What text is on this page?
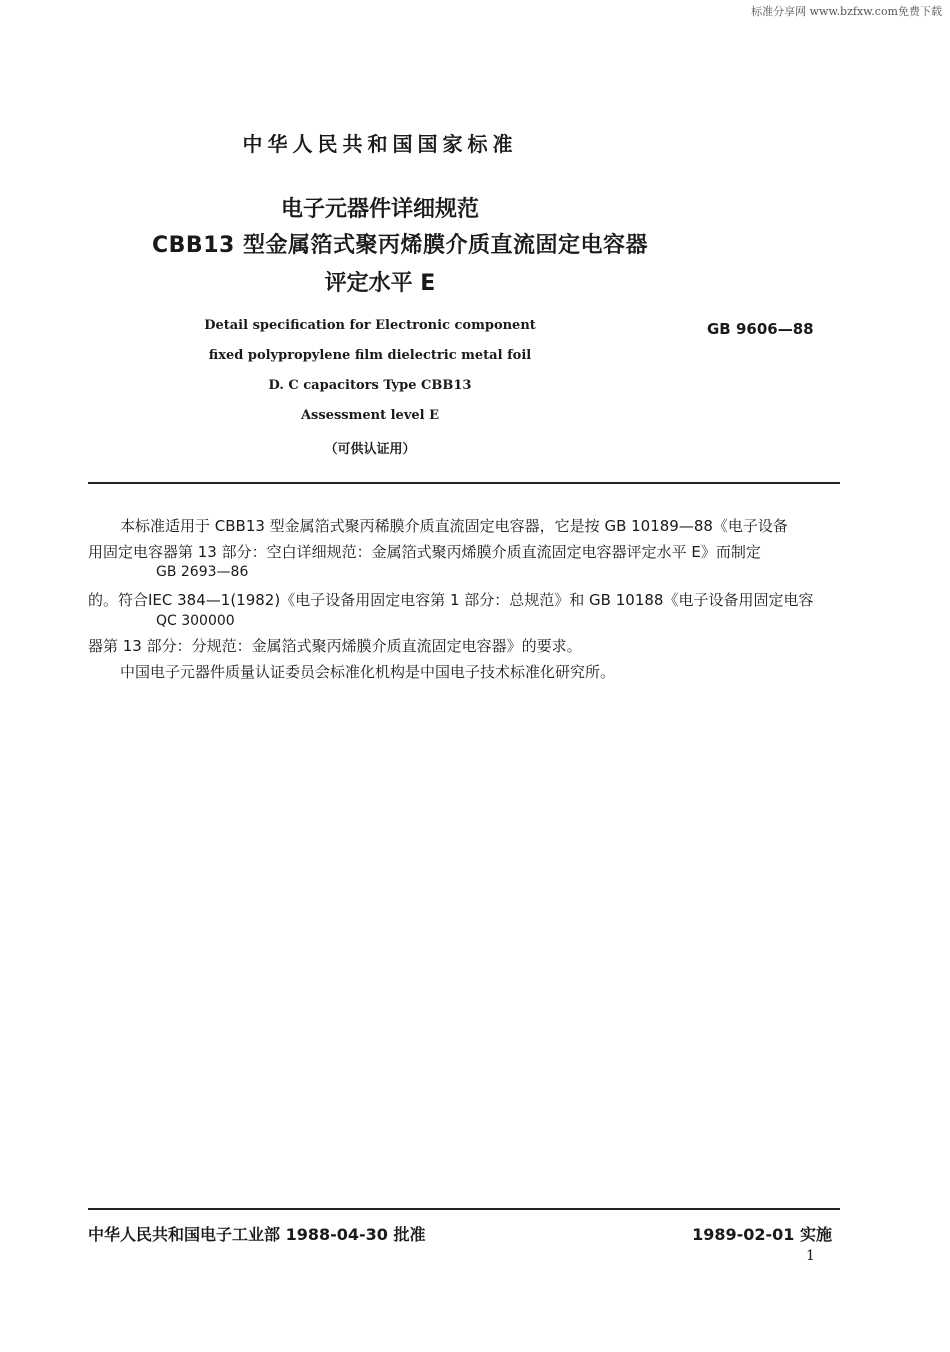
标准分享网 www.bzfxw.com免费下载
中华人民共和国国家标准
电子元器件详细规范
CBB13 型金属箔式聚丙烯膜介质直流固定电容器
评定水平 E
Detail specification for Electronic component
fixed polypropylene film dielectric metal foil
D. C capacitors Type CBB13
Assessment level E
（可供认证用）
GB 9606—88
本标准适用于 CBB13 型金属箔式聚丙稀膜介质直流固定电容器，它是按 GB 10189—88《电子设备
用固定电容器第 13 部分：空白详细规范：金属箔式聚丙烯膜介质直流固定电容器评定水平 E》而制定
GB 2693—86
的。符合IEC 384—1(1982)《电子设备用固定电容第 1 部分：总规范》和 GB 10188《电子设备用固定电容
QC 300000
器第 13 部分：分规范：金属箔式聚丙烯膜介质直流固定电容器》的要求。
中国电子元器件质量认证委员会标准化机构是中国电子技术标准化研究所。
中华人民共和国电子工业部 1988-04-30 批准	1989-02-01 实施
1
